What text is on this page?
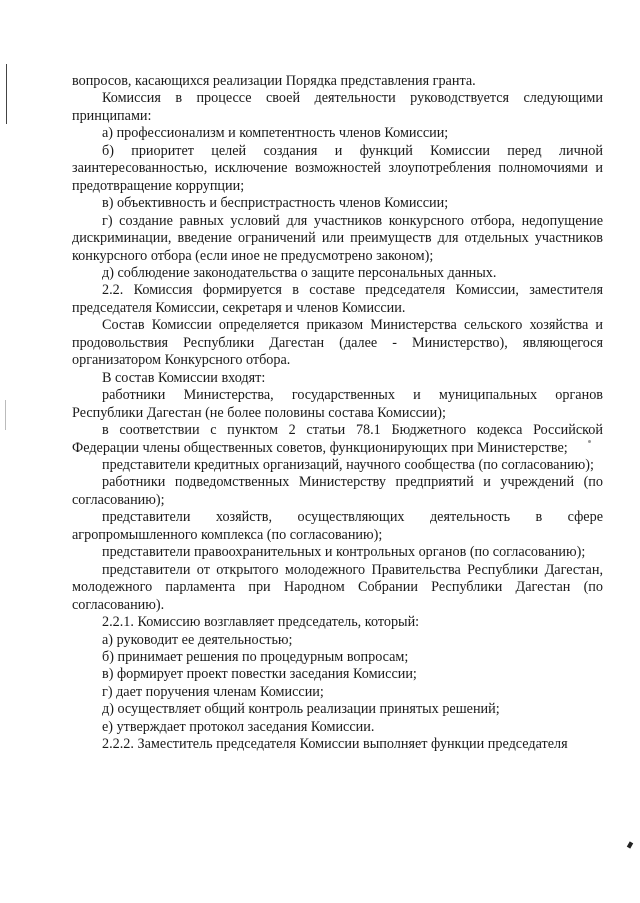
вопросов, касающихся реализации Порядка представления гранта.

Комиссия в процессе своей деятельности руководствуется следующими принципами:

а) профессионализм и компетентность членов Комиссии;

б) приоритет целей создания и функций Комиссии перед личной заинтересованностью, исключение возможностей злоупотребления полномочиями и предотвращение коррупции;

в) объективность и беспристрастность членов Комиссии;

г) создание равных условий для участников конкурсного отбора, недопущение дискриминации, введение ограничений или преимуществ для отдельных участников конкурсного отбора (если иное не предусмотрено законом);

д) соблюдение законодательства о защите персональных данных.

2.2. Комиссия формируется в составе председателя Комиссии, заместителя председателя Комиссии, секретаря и членов Комиссии.

Состав Комиссии определяется приказом Министерства сельского хозяйства и продовольствия Республики Дагестан (далее - Министерство), являющегося организатором Конкурсного отбора.

В состав Комиссии входят:

работники Министерства, государственных и муниципальных органов Республики Дагестан (не более половины состава Комиссии);

в соответствии с пунктом 2 статьи 78.1 Бюджетного кодекса Российской Федерации члены общественных советов, функционирующих при Министерстве;

представители кредитных организаций, научного сообщества (по согласованию);

работники подведомственных Министерству предприятий и учреждений (по согласованию);

представители хозяйств, осуществляющих деятельность в сфере агропромышленного комплекса (по согласованию);

представители правоохранительных и контрольных органов (по согласованию);

представители от открытого молодежного Правительства Республики Дагестан, молодежного парламента при Народном Собрании Республики Дагестан (по согласованию).

2.2.1. Комиссию возглавляет председатель, который:

а) руководит ее деятельностью;

б) принимает решения по процедурным вопросам;

в) формирует проект повестки заседания Комиссии;

г) дает поручения членам Комиссии;

д) осуществляет общий контроль реализации принятых решений;

е) утверждает протокол заседания Комиссии.

2.2.2. Заместитель председателя Комиссии выполняет функции председателя
